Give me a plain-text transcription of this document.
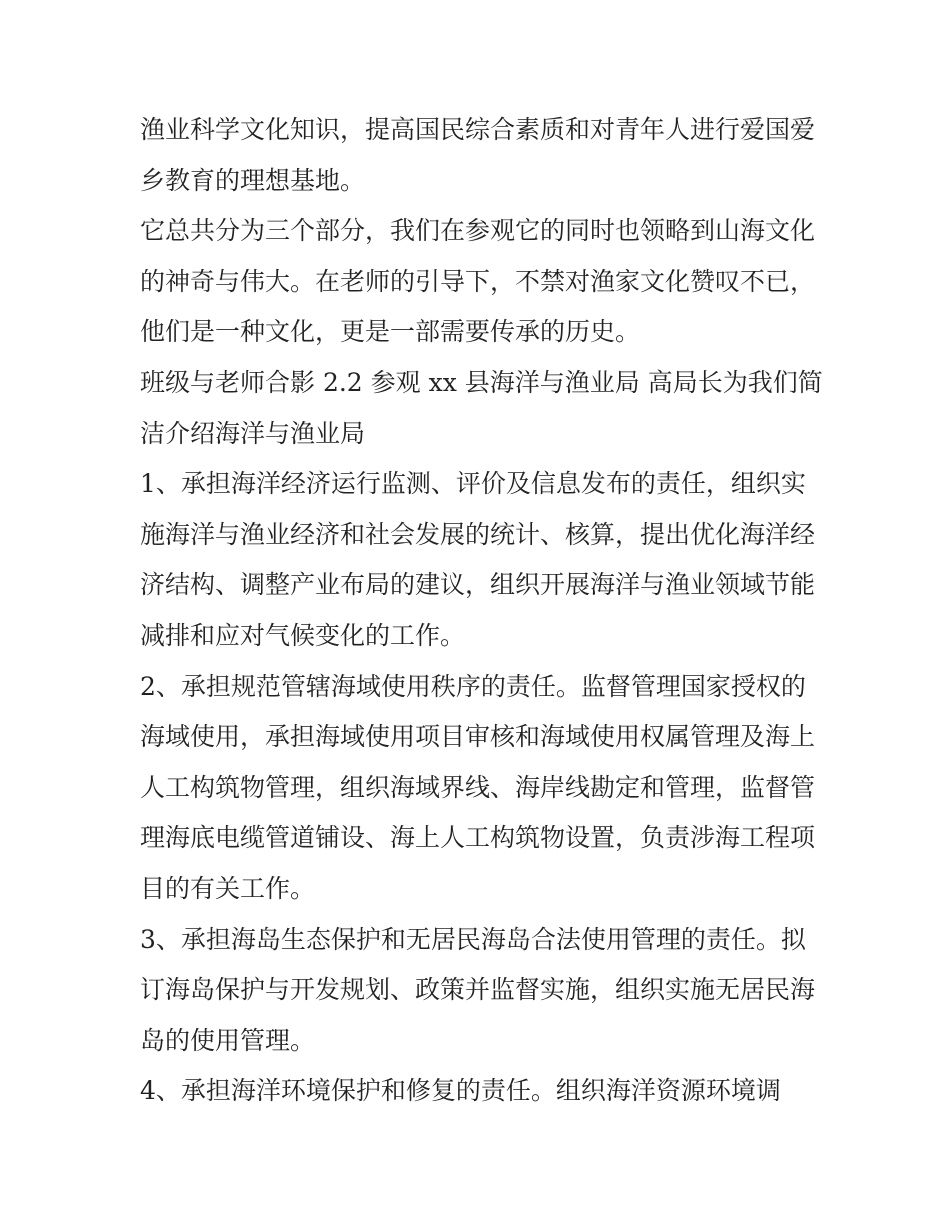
渔业科学文化知识，提高国民综合素质和对青年人进行爱国爱
乡教育的理想基地。
它总共分为三个部分，我们在参观它的同时也领略到山海文化
的神奇与伟大。在老师的引导下，不禁对渔家文化赞叹不已，
他们是一种文化，更是一部需要传承的历史。
班级与老师合影 2.2 参观 xx 县海洋与渔业局 高局长为我们简
洁介绍海洋与渔业局
1、承担海洋经济运行监测、评价及信息发布的责任，组织实
施海洋与渔业经济和社会发展的统计、核算，提出优化海洋经
济结构、调整产业布局的建议，组织开展海洋与渔业领域节能
减排和应对气候变化的工作。
2、承担规范管辖海域使用秩序的责任。监督管理国家授权的
海域使用，承担海域使用项目审核和海域使用权属管理及海上
人工构筑物管理，组织海域界线、海岸线勘定和管理，监督管
理海底电缆管道铺设、海上人工构筑物设置，负责涉海工程项
目的有关工作。
3、承担海岛生态保护和无居民海岛合法使用管理的责任。拟
订海岛保护与开发规划、政策并监督实施，组织实施无居民海
岛的使用管理。
4、承担海洋环境保护和修复的责任。组织海洋资源环境调
